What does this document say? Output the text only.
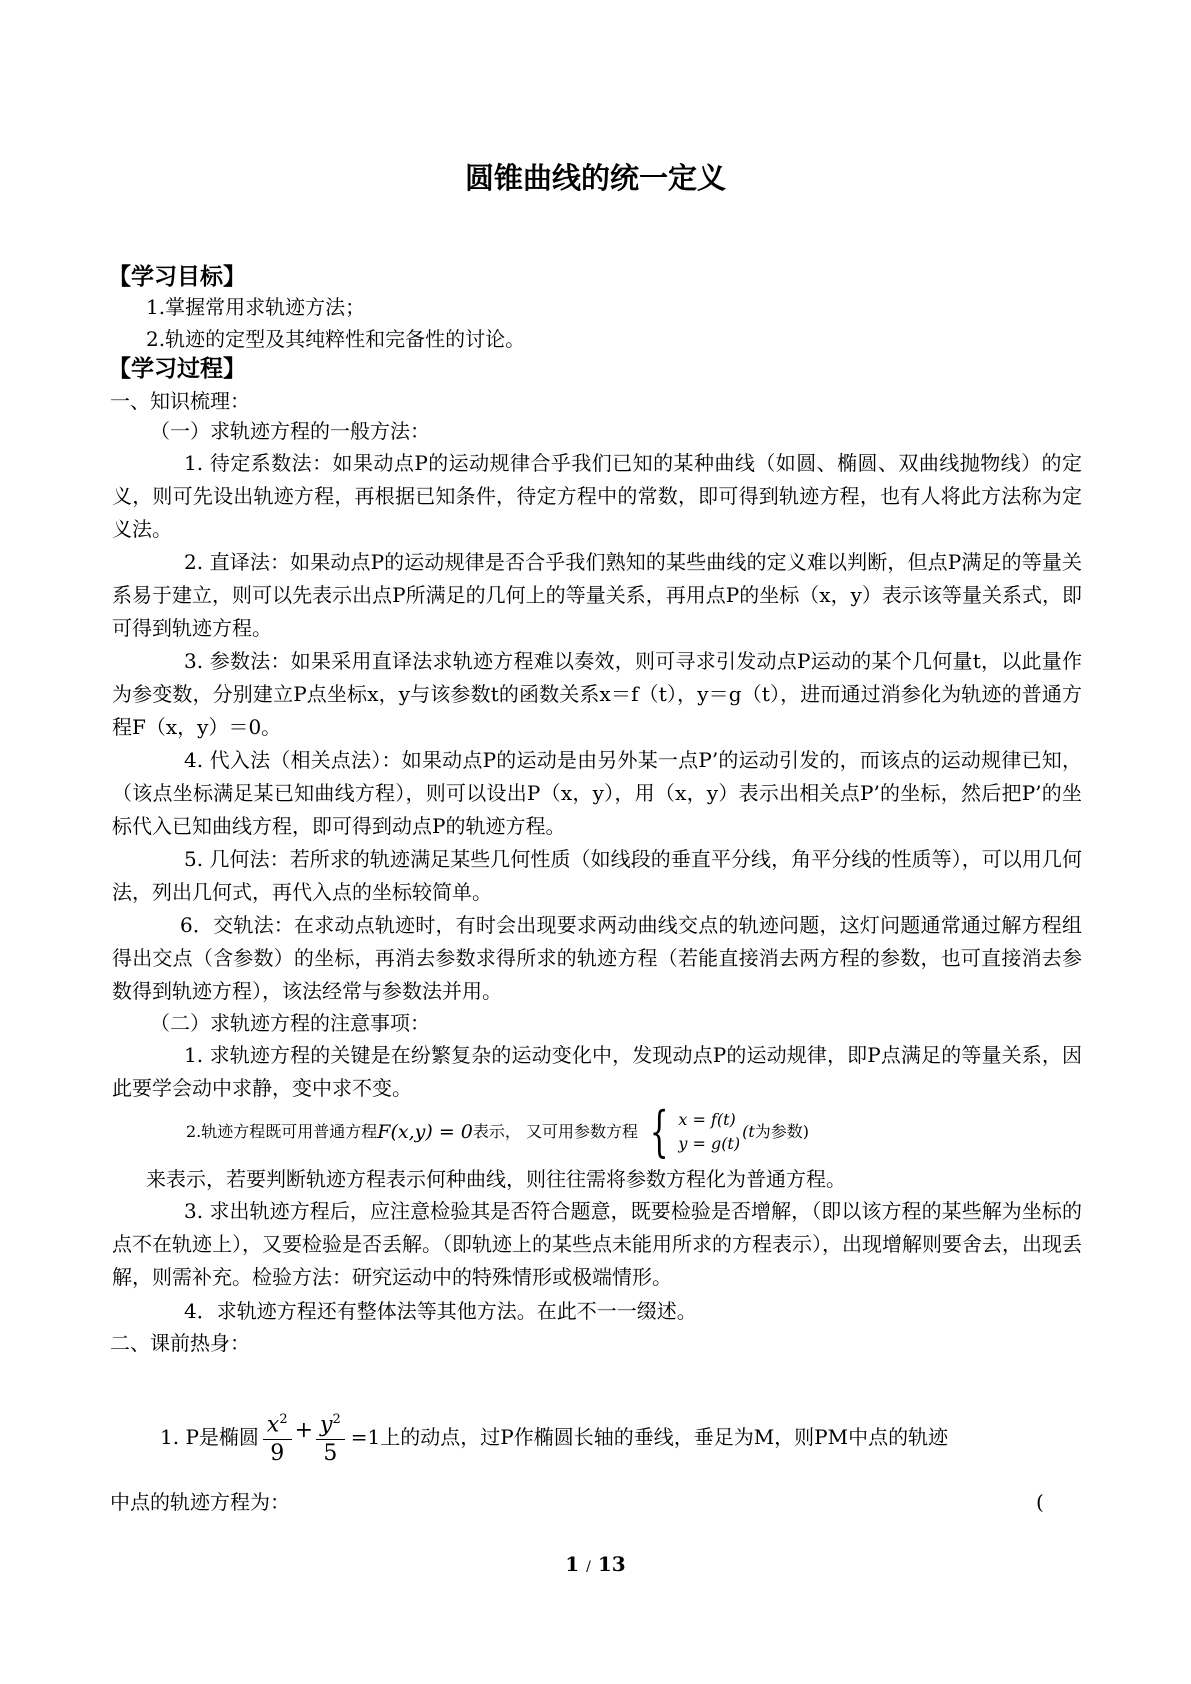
圆锥曲线的统一定义
【学习目标】
1.掌握常用求轨迹方法；
2.轨迹的定型及其纯粹性和完备性的讨论。
【学习过程】
一、知识梳理：
（一）求轨迹方程的一般方法：
1. 待定系数法：如果动点P的运动规律合乎我们已知的某种曲线（如圆、椭圆、双曲线抛物线）的定义，则可先设出轨迹方程，再根据已知条件，待定方程中的常数，即可得到轨迹方程，也有人将此方法称为定义法。
2. 直译法：如果动点P的运动规律是否合乎我们熟知的某些曲线的定义难以判断，但点P满足的等量关系易于建立，则可以先表示出点P所满足的几何上的等量关系，再用点P的坐标（x，y）表示该等量关系式，即可得到轨迹方程。
3. 参数法：如果采用直译法求轨迹方程难以奏效，则可寻求引发动点P运动的某个几何量t，以此量作为参变数，分别建立P点坐标x，y与该参数t的函数关系x＝f（t），y＝g（t），进而通过消参化为轨迹的普通方程F（x，y）＝0。
4. 代入法（相关点法）：如果动点P的运动是由另外某一点P’的运动引发的，而该点的运动规律已知，（该点坐标满足某已知曲线方程），则可以设出P（x，y），用（x，y）表示出相关点P’的坐标，然后把P’的坐标代入已知曲线方程，即可得到动点P的轨迹方程。
5. 几何法：若所求的轨迹满足某些几何性质（如线段的垂直平分线，角平分线的性质等），可以用几何法，列出几何式，再代入点的坐标较简单。
6．交轨法：在求动点轨迹时，有时会出现要求两动曲线交点的轨迹问题，这灯问题通常通过解方程组得出交点（含参数）的坐标，再消去参数求得所求的轨迹方程（若能直接消去两方程的参数，也可直接消去参数得到轨迹方程），该法经常与参数法并用。
（二）求轨迹方程的注意事项：
1. 求轨迹方程的关键是在纷繁复杂的运动变化中，发现动点P的运动规律，即P点满足的等量关系，因此要学会动中求静，变中求不变。
2.轨迹方程既可用普通方程 F(x,y) = 0 表示， 又可用参数方程 { x = f(t)
y = g(t)
(t 为参数)
来表示，若要判断轨迹方程表示何种曲线，则往往需将参数方程化为普通方程。
3. 求出轨迹方程后，应注意检验其是否符合题意，既要检验是否增解，（即以该方程的某些解为坐标的点不在轨迹上），又要检验是否丢解。（即轨迹上的某些点未能用所求的方程表示），出现增解则要舍去，出现丢解，则需补充。检验方法：研究运动中的特殊情形或极端情形。
4．求轨迹方程还有整体法等其他方法。在此不一一缀述。
二、课前热身：
1. P是椭圆 $\frac{x^2}{9} + \frac{y^2}{5} =1$上的动点，过P作椭圆长轴的垂线，垂足为M，则PM中点的轨迹
中点的轨迹方程为：	(
1 / 13
